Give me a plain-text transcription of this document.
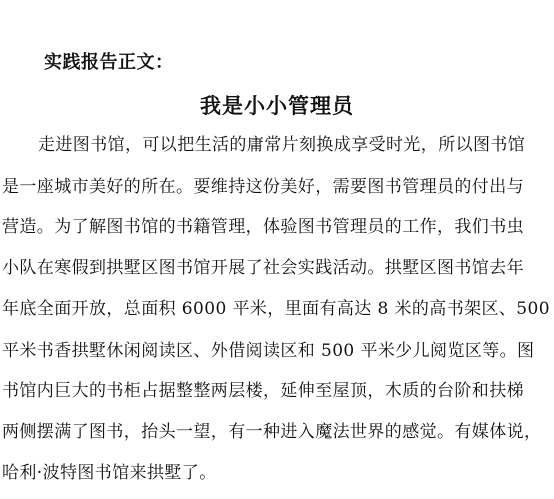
实践报告正文：
我是小小管理员
走进图书馆，可以把生活的庸常片刻换成享受时光，所以图书馆
是一座城市美好的所在。要维持这份美好，需要图书管理员的付出与
营造。为了解图书馆的书籍管理，体验图书管理员的工作，我们书虫
小队在寒假到拱墅区图书馆开展了社会实践活动。拱墅区图书馆去年
年底全面开放，总面积 6000 平米，里面有高达 8 米的高书架区、500
平米书香拱墅休闲阅读区、外借阅读区和 500 平米少儿阅览区等。图
书馆内巨大的书柜占据整整两层楼，延伸至屋顶，木质的台阶和扶梯
两侧摆满了图书，抬头一望，有一种进入魔法世界的感觉。有媒体说，
哈利·波特图书馆来拱墅了。
